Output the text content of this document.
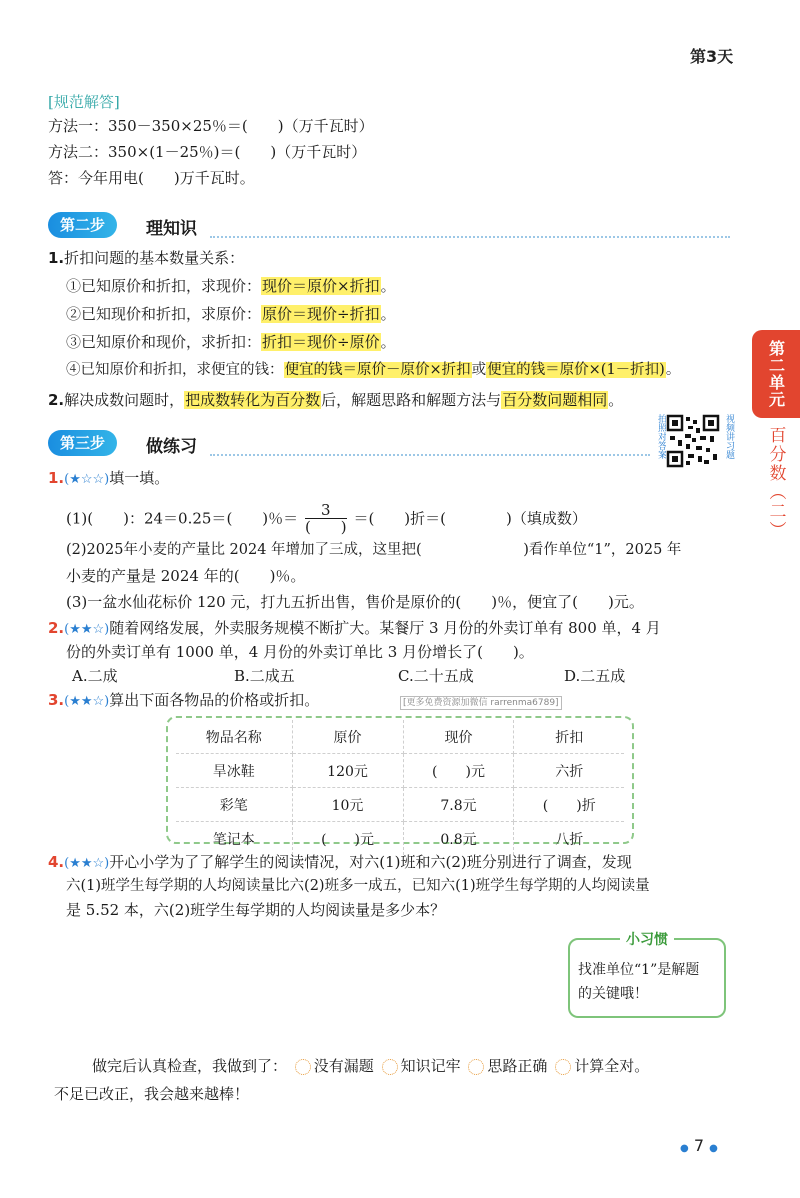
第3天
第二单元
百分数（二）
[规范解答]
方法一：350－350×25％＝(　　)（万千瓦时）
方法二：350×(1－25％)＝(　　)（万千瓦时）
答：今年用电(　　)万千瓦时。
第二步	理知识
1.折扣问题的基本数量关系：
①已知原价和折扣，求现价：现价＝原价×折扣。
②已知现价和折扣，求原价：原价＝现价÷折扣。
③已知原价和现价，求折扣：折扣＝现价÷原价。
④已知原价和折扣，求便宜的钱：便宜的钱＝原价－原价×折扣或便宜的钱＝原价×(1－折扣)。
2.解决成数问题时，把成数转化为百分数后，解题思路和解题方法与百分数问题相同。
第三步	做练习	拍照对答案	视频讲习题
1.(★☆☆)填一填。
(1)(　　)：24＝0.25＝(　　)％＝	3
(　　) ＝(　　)折＝(　　　　)（填成数）
(2)2025年小麦的产量比 2024 年增加了三成，这里把(　　　　　　　)看作单位“1”，2025 年
小麦的产量是 2024 年的(　　)％。
(3)一盆水仙花标价 120 元，打九五折出售，售价是原价的(　　)％，便宜了(　　)元。
2.(★★☆)随着网络发展，外卖服务规模不断扩大。某餐厅 3 月份的外卖订单有 800 单，4 月
份的外卖订单有 1000 单，4 月份的外卖订单比 3 月份增长了(　　)。
A.二成	B.二成五	C.二十五成	D.二五成
3.(★★☆)算出下面各物品的价格或折扣。	[更多免费资源加微信 rarrenma6789]
物品名称	原价	现价	折扣
旱冰鞋	120元	(　　)元	六折
彩笔	10元	7.8元	(　　)折
笔记本	(　　)元	0.8元	八折
4.(★★☆)开心小学为了了解学生的阅读情况，对六(1)班和六(2)班分别进行了调查，发现
六(1)班学生每学期的人均阅读量比六(2)班多一成五，已知六(1)班学生每学期的人均阅读量
是 5.52 本，六(2)班学生每学期的人均阅读量是多少本？
小习惯
找准单位“1”是解题
的关键哦！
做完后认真检查，我做到了： 没有漏题 知识记牢 思路正确 计算全对。
不足已改正，我会越来越棒！
● 7 ●
